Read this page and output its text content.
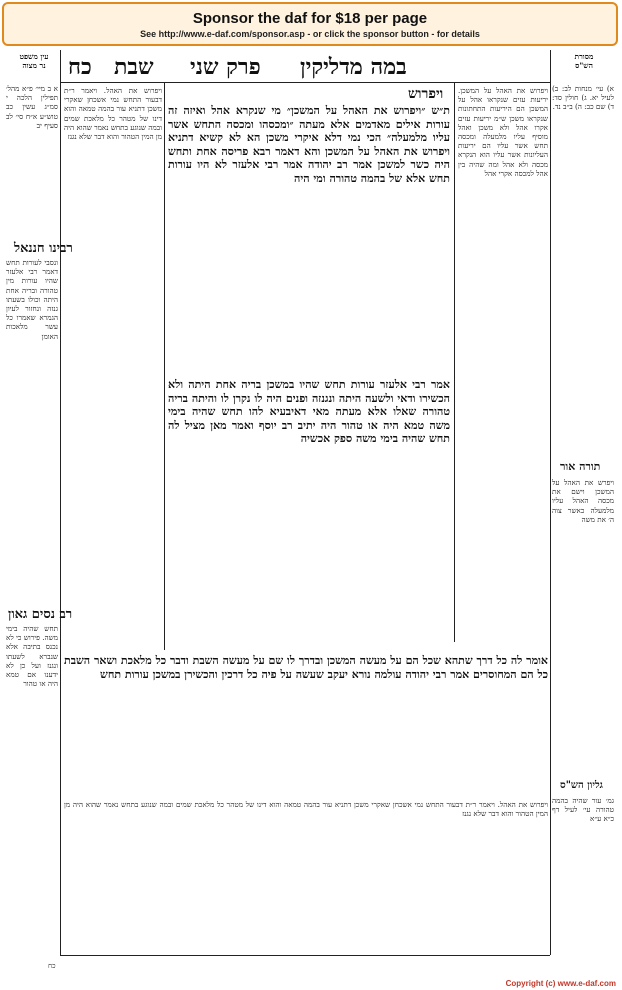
Sponsor the daf for $18 per page
See http://www.e-daf.com/sponsor.asp - or click the sponsor button - for details
כח שבת פרק שני במה מדליקין
עין משפט
נר מצוה
מסורת
הש"ס
א ב מיי׳ פ״א מהל׳ תפילין הלכה י סמ״ג עשין כב טוש״ע א״ח סי׳ לב סעיף יב
רבינו חננאל
ונסבי לעורות תחש דאמר רבי אלעזר שהיו עורות מין טהורה ובריה אחת היתה וכולו בשעתו גנזה ונחזור לעיון הגמרא שאמרו כל עשר מלאכות האומן
רב נסים גאון
תחש שהיה בימי משה. פירוש כי לא נכנס בתיבה אלא שנברא לשעתו ונגנז ועל כן לא ידענו אם טמא היה או טהור
ויפרוש את האהל. ויאמר ר״ת דבעור התחש נמי אשכחן שאקרי משכן דתניא עור בהמה טמאה והוא דינו של מטהר כל מלאכת שמים ובמה שנוגע בתחש נאמר שהוא היה מן המין הטהור והוא דבר שלא נגנז
ויפרוש
ת״ש ״ויפרוש את האהל על המשכן״ מי שנקרא אהל ואיזה זה עורות אילים מאדמים אלא מעתה ״ומכסהו ומכסה התחש אשר עליו מלמעלה״ הכי נמי דלא איקרי משכן הא לא קשיא דתניא ויפרוש את האהל על המשכן והא דאמר רבא פריסה אחת ותחש היה כשר למשכן אמר רב יהודה אמר רבי אלעזר לא היו עורות תחש אלא של בהמה טהורה ומי היה
אמר רבי אלעזר עורות תחש שהיו במשכן בריה אחת היתה ולא הכשירו ודאי ולשעה היתה ונגנזה ופנים היה לו נקרן לו והיתה בריה טהורה שאלו אלא מעתה מאי דאיבעיא להו תחש שהיה בימי משה טמא היה או טהור היה יתיב רב יוסף ואמר מאן מציל לה תחש שהיה בימי משה ספק אכשיה
אומר לה כל דרך שתהא שכל הם על מעשה המשכן ובדרך לו שם על מעשה השבת ודבר כל מלאכת ושאר השבת כל הם המחוסרים אמר רבי יהודה עולמה נורא יעקב שעשה על פיה כל דרכין והכשירן במשכן עורות תחש
ויפרוש את האהל על המשכן. יריעות עזים שנקראו אהל על המשכן הם היריעות התחתונות שנקראו משכן ש״מ יריעות עזים אקרו אהל ולא משכן ואהל מוסיף עליו מלמעלה ומכסה תחש אשר עליו הם יריעות העליונות אשר עליו הוא הנקרא מכסה ולא אהל ומה שהיה בין אהל למכסה אקרי אהל
ויפרוש את האהל. ויאמר ר״ת דבעור התחש נמי אשכחן שאקרי משכן דתניא עור בהמה טמאה והוא דינו של מטהר כל מלאכת שמים ובמה שנוגע בתחש נאמר שהוא היה מן המין הטהור והוא דבר שלא נגנז
א) עי׳ מנחות לב: ב) לעיל יא. ג) חולין סד: ד) שם כב: ה) ב״ב נד.
תורה אור
ויפרש את האהל על המשכן וישם את מכסה האהל עליו מלמעלה כאשר צוה ה׳ את משה
גליון הש"ס
גמ׳ עור שהיה בהמה טהורה עי׳ לעיל דף כ״א ע״א
כח
Copyright (c) www.e-daf.com
